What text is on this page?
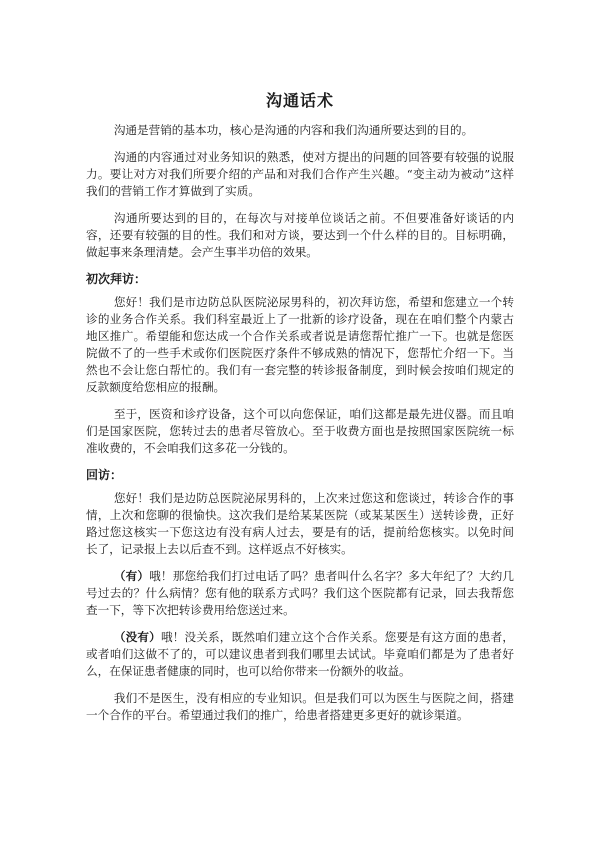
沟通话术

沟通是营销的基本功，核心是沟通的内容和我们沟通所要达到的目的。

沟通的内容通过对业务知识的熟悉，使对方提出的问题的回答要有较强的说服力。要让对方对我们所要介绍的产品和对我们合作产生兴趣。“变主动为被动”这样我们的营销工作才算做到了实质。

沟通所要达到的目的，在每次与对接单位谈话之前。不但要准备好谈话的内容，还要有较强的目的性。我们和对方谈，要达到一个什么样的目的。目标明确，做起事来条理清楚。会产生事半功倍的效果。

初次拜访：

您好！我们是市边防总队医院泌尿男科的，初次拜访您，希望和您建立一个转诊的业务合作关系。我们科室最近上了一批新的诊疗设备，现在在咱们整个内蒙古地区推广。希望能和您达成一个合作关系或者说是请您帮忙推广一下。也就是您医院做不了的一些手术或你们医院医疗条件不够成熟的情况下，您帮忙介绍一下。当然也不会让您白帮忙的。我们有一套完整的转诊报备制度，到时候会按咱们规定的反款额度给您相应的报酬。

至于，医资和诊疗设备，这个可以向您保证，咱们这都是最先进仪器。而且咱们是国家医院，您转过去的患者尽管放心。至于收费方面也是按照国家医院统一标准收费的，不会咱我们这多花一分钱的。

回访：

您好！我们是边防总医院泌尿男科的，上次来过您这和您谈过，转诊合作的事情，上次和您聊的很愉快。这次我们是给某某医院（或某某医生）送转诊费，正好路过您这核实一下您这边有没有病人过去，要是有的话，提前给您核实。以免时间长了，记录报上去以后查不到。这样返点不好核实。

（有）哦！那您给我们打过电话了吗？患者叫什么名字？多大年纪了？大约几号过去的？什么病情？您有他的联系方式吗？我们这个医院都有记录，回去我帮您查一下，等下次把转诊费用给您送过来。

（没有）哦！没关系，既然咱们建立这个合作关系。您要是有这方面的患者，或者咱们这做不了的，可以建议患者到我们哪里去试试。毕竟咱们都是为了患者好么，在保证患者健康的同时，也可以给你带来一份额外的收益。

我们不是医生，没有相应的专业知识。但是我们可以为医生与医院之间，搭建一个合作的平台。希望通过我们的推广，给患者搭建更多更好的就诊渠道。
